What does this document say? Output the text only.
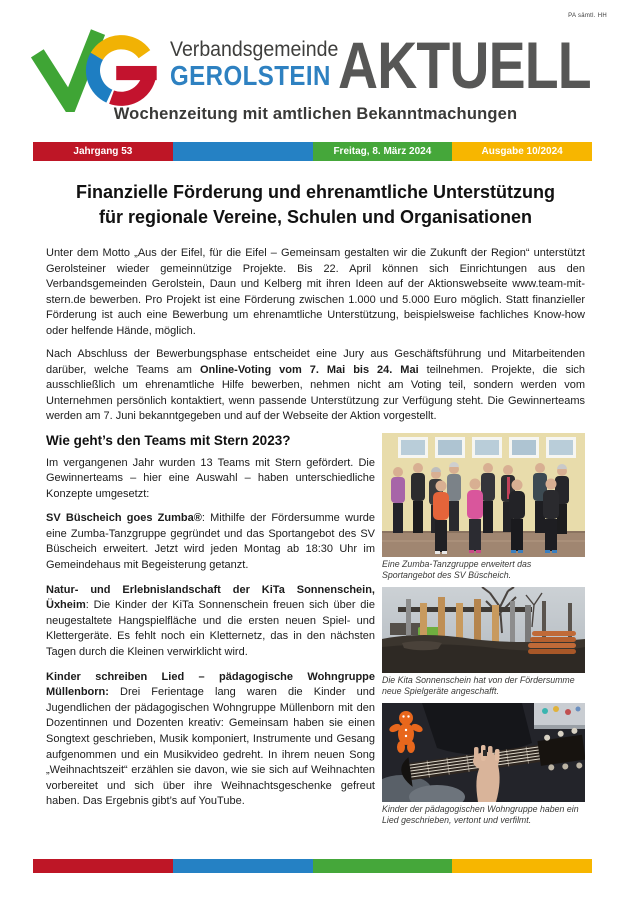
PA sämtl. HH
Verbandsgemeinde
GEROLSTEIN AKTUELL
Wochenzeitung mit amtlichen Bekanntmachungen
Jahrgang 53	Freitag, 8. März 2024	Ausgabe 10/2024
Finanzielle Förderung und ehrenamtliche Unterstützung
für regionale Vereine, Schulen und Organisationen

Unter dem Motto „Aus der Eifel, für die Eifel – Gemeinsam gestalten wir die Zukunft der Region“ unterstützt Gerolsteiner wieder gemeinnützige Projekte. Bis 22. April können sich Einrichtungen aus den Verbandsgemeinden Gerolstein, Daun und Kelberg mit ihren Ideen auf der Aktionswebseite www.team-mit-stern.de bewerben. Pro Projekt ist eine Förderung zwischen 1.000 und 5.000 Euro möglich. Statt finanzieller Förderung ist auch eine Bewerbung um ehrenamtliche Unterstützung, beispielsweise fachliches Know-how oder helfende Hände, möglich.

Nach Abschluss der Bewerbungsphase entscheidet eine Jury aus Geschäftsführung und Mitarbeitenden darüber, welche Teams am Online-Voting vom 7. Mai bis 24. Mai teilnehmen. Projekte, die sich ausschließlich um ehrenamtliche Hilfe bewerben, nehmen nicht am Voting teil, sondern werden vom Unternehmen persönlich kontaktiert, wenn passende Unterstützung zur Verfügung steht. Die Gewinnerteams werden am 7. Juni bekanntgegeben und auf der Webseite der Aktion vorgestellt.

Wie geht’s den Teams mit Stern 2023?

Im vergangenen Jahr wurden 13 Teams mit Stern gefördert. Die Gewinnerteams – hier eine Auswahl – haben unterschiedliche Konzepte umgesetzt:

SV Büscheich goes Zumba®: Mithilfe der Fördersumme wurde eine Zumba-Tanzgruppe gegründet und das Sportangebot des SV Büscheich erweitert. Jetzt wird jeden Montag ab 18:30 Uhr im Gemeindehaus mit Begeisterung getanzt.

Natur- und Erlebnislandschaft der KiTa Sonnenschein, Üxheim: Die Kinder der KiTa Sonnenschein freuen sich über die neugestaltete Hangspielfläche und die ersten neuen Spiel- und Klettergeräte. Es fehlt noch ein Kletternetz, das in den nächsten Tagen durch die Kleinen verwirklicht wird.

Kinder schreiben Lied – pädagogische Wohngruppe Müllenborn: Drei Ferientage lang waren die Kinder und Jugendlichen der pädagogischen Wohngruppe Müllenborn mit den Dozentinnen und Dozenten kreativ: Gemeinsam haben sie einen Songtext geschrieben, Musik komponiert, Instrumente und Gesang aufgenommen und ein Musikvideo gedreht. In ihrem neuen Song „Weihnachtszeit“ erzählen sie davon, wie sie sich auf Weihnachten vorbereitet und sich über ihre Weihnachtsgeschenke gefreut haben. Das Ergebnis gibt’s auf YouTube.

Eine Zumba-Tanzgruppe erweitert das Sportangebot des SV Büscheich.
Die Kita Sonnenschein hat von der Fördersumme neue Spielgeräte angeschafft.
Kinder der pädagogischen Wohngruppe haben ein Lied geschrieben, vertont und verfilmt.
